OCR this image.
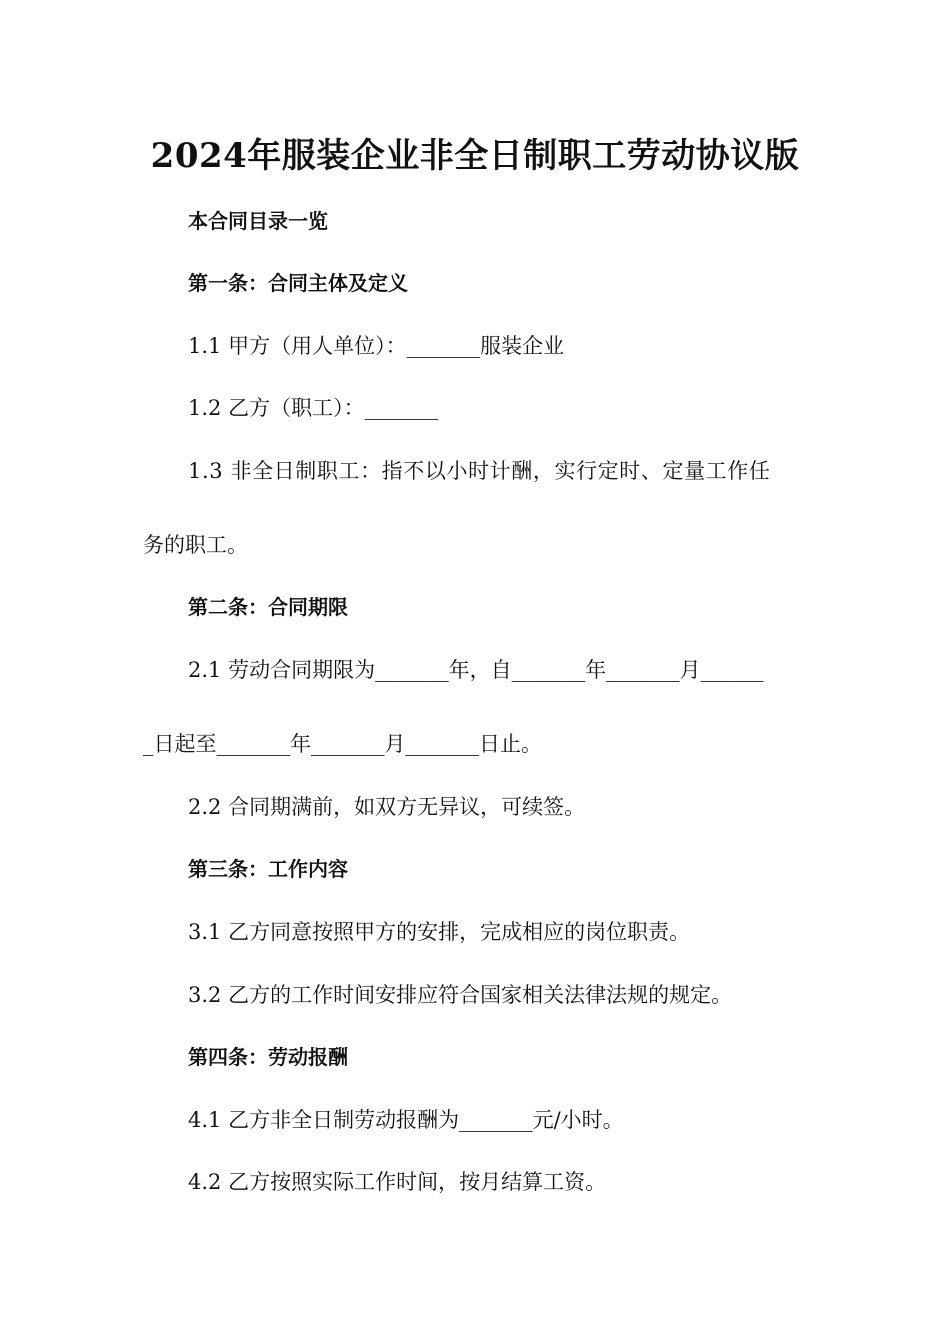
2024年服装企业非全日制职工劳动协议版

本合同目录一览

第一条：合同主体及定义

1.1 甲方（用人单位）：_______服装企业

1.2 乙方（职工）：_______

1.3 非全日制职工：指不以小时计酬，实行定时、定量工作任

务的职工。

第二条：合同期限

2.1 劳动合同期限为_______年，自_______年_______月______

_日起至_______年_______月_______日止。

2.2 合同期满前，如双方无异议，可续签。

第三条：工作内容

3.1 乙方同意按照甲方的安排，完成相应的岗位职责。

3.2 乙方的工作时间安排应符合国家相关法律法规的规定。

第四条：劳动报酬

4.1 乙方非全日制劳动报酬为_______元/小时。

4.2 乙方按照实际工作时间，按月结算工资。
